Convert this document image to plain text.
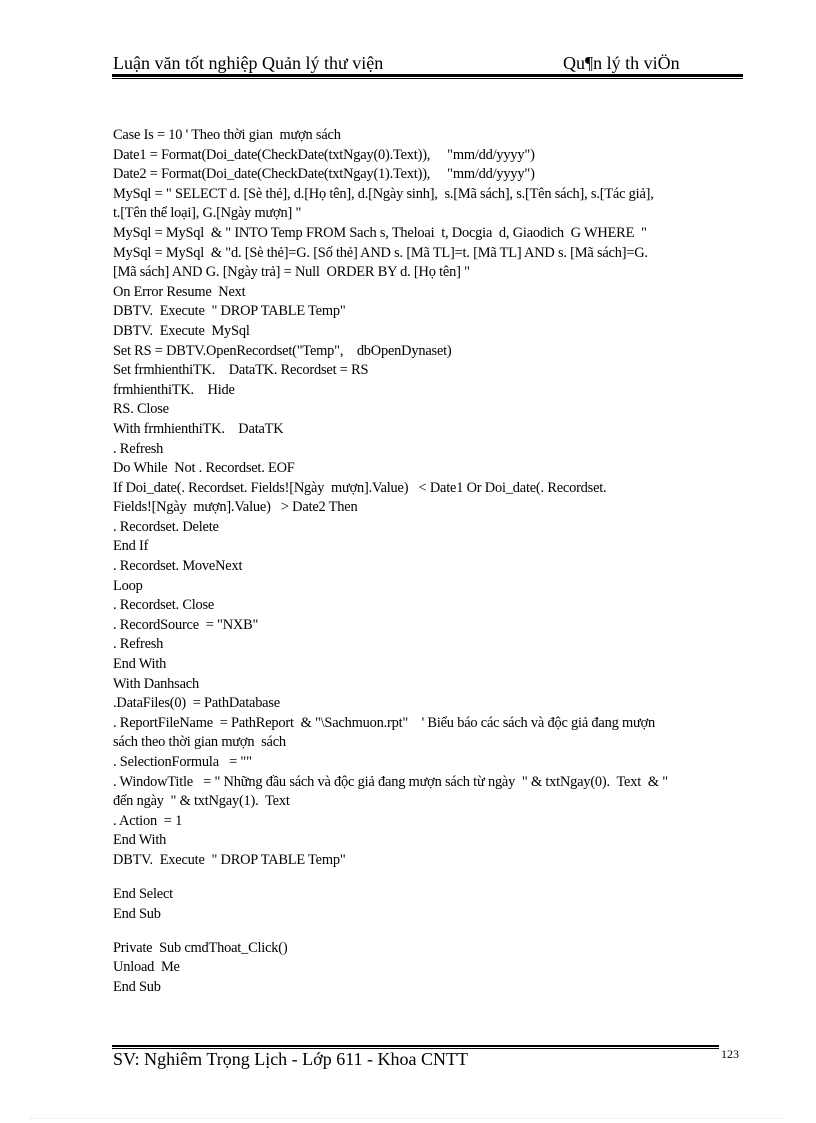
Luận văn tốt nghiệp Quản lý thư viện	Qu¶n lý th viÖn
Case Is = 10 ' Theo thời gian  mượn sách
Date1 = Format(Doi_date(CheckDate(txtNgay(0).Text)),     "mm/dd/yyyy")
Date2 = Format(Doi_date(CheckDate(txtNgay(1).Text)),     "mm/dd/yyyy")
MySql = " SELECT d. [Sè thẻ], d.[Họ tên], d.[Ngày sinh],  s.[Mã sách], s.[Tên sách], s.[Tác giả],
t.[Tên thể loại], G.[Ngày mượn] "
MySql = MySql  & " INTO Temp FROM Sach s, Theloai  t, Docgia  d, Giaodich  G WHERE  "
MySql = MySql  & "d. [Sè thẻ]=G. [Số thẻ] AND s. [Mã TL]=t. [Mã TL] AND s. [Mã sách]=G.
[Mã sách] AND G. [Ngày trả] = Null  ORDER BY d. [Họ tên] "
On Error Resume  Next
DBTV.  Execute  " DROP TABLE Temp"
DBTV.  Execute  MySql
Set RS = DBTV.OpenRecordset("Temp",    dbOpenDynaset)
Set frmhienthiTK.    DataTK. Recordset = RS
frmhienthiTK.    Hide
RS. Close
With frmhienthiTK.    DataTK
. Refresh
Do While  Not . Recordset. EOF
If Doi_date(. Recordset. Fields![Ngày  mượn].Value)   < Date1 Or Doi_date(. Recordset.
Fields![Ngày  mượn].Value)   > Date2 Then
. Recordset. Delete
End If
. Recordset. MoveNext
Loop
. Recordset. Close
. RecordSource  = "NXB"
. Refresh
End With
With Danhsach
.DataFiles(0)  = PathDatabase
. ReportFileName  = PathReport  & "\Sachmuon.rpt"    ' Biểu báo các sách và độc giả đang mượn
sách theo thời gian mượn  sách
. SelectionFormula   = ""
. WindowTitle   = " Những đầu sách và độc giả đang mượn sách từ ngày  " & txtNgay(0).  Text  & "
đến ngày  " & txtNgay(1).  Text
. Action  = 1
End With
DBTV.  Execute  " DROP TABLE Temp"
End Select
End Sub
Private  Sub cmdThoat_Click()
Unload  Me
End Sub
SV: Nghiêm Trọng Lịch - Lớp 611 - Khoa CNTT	123
